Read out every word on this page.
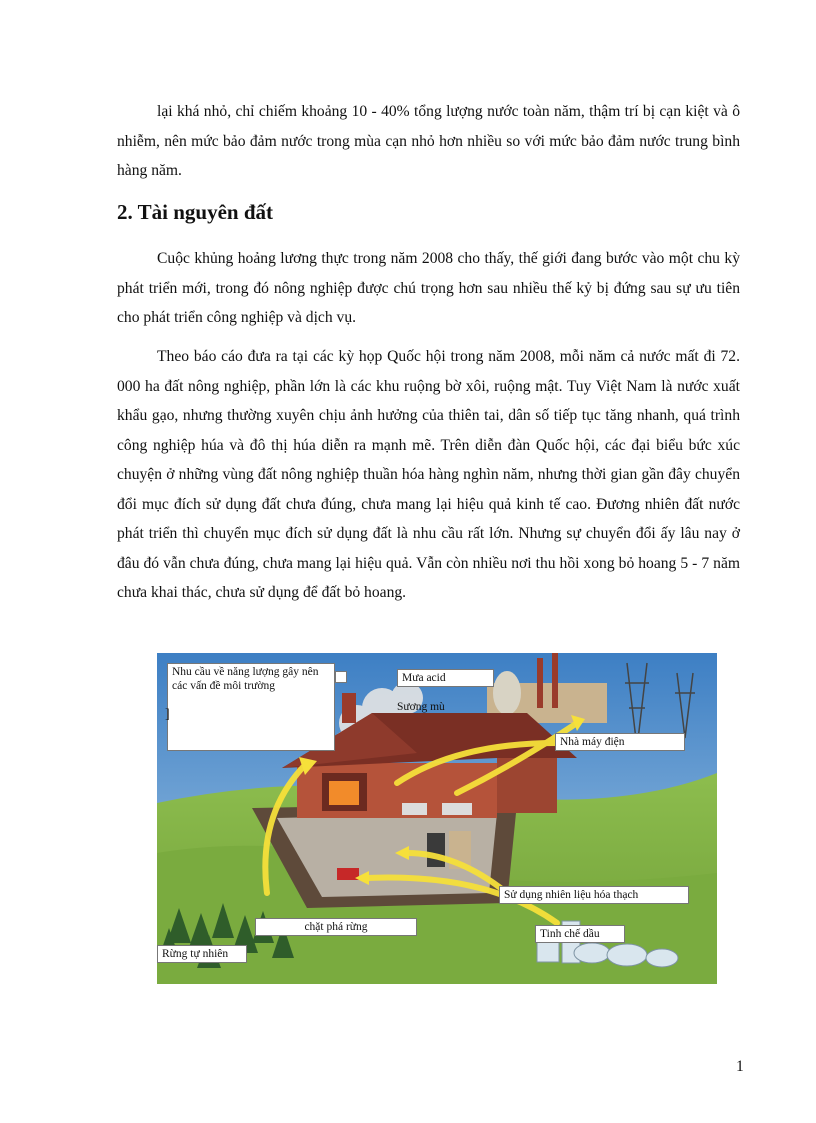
lại khá nhỏ, chỉ chiếm khoảng 10 - 40% tổng lượng nước toàn năm, thậm trí bị cạn kiệt và ô nhiễm, nên mức bảo đảm nước trong mùa cạn nhỏ hơn nhiều so với mức bảo đảm nước trung bình hàng năm.

2. Tài nguyên đất

Cuộc khủng hoảng lương thực trong năm 2008 cho thấy, thế giới đang bước vào một chu kỳ phát triển mới, trong đó nông nghiệp được chú trọng hơn sau nhiều thế kỷ bị đứng sau sự ưu tiên cho phát triển công nghiệp và dịch vụ.

Theo báo cáo đưa ra tại các kỳ họp Quốc hội trong năm 2008, mỗi năm cả nước mất đi 72. 000 ha đất nông nghiệp, phần lớn là các khu ruộng bờ xôi, ruộng mật. Tuy Việt Nam là nước xuất khẩu gạo, nhưng thường xuyên chịu ảnh hưởng của thiên tai, dân số tiếp tục tăng nhanh, quá trình công nghiệp húa và đô thị húa diễn ra mạnh mẽ. Trên diễn đàn Quốc hội, các đại biểu bức xúc chuyện ở những vùng đất nông nghiệp thuần hóa hàng nghìn năm, nhưng thời gian gần đây chuyển đổi mục đích sử dụng đất chưa đúng, chưa mang lại hiệu quả kinh tế cao. Đương nhiên đất nước phát triển thì chuyển mục đích sử dụng đất là nhu cầu rất lớn. Nhưng sự chuyển đổi ấy lâu nay ở đâu đó vẫn chưa đúng, chưa mang lại hiệu quả. Vẫn còn nhiều nơi thu hồi xong bỏ hoang 5 - 7 năm chưa khai thác, chưa sử dụng để đất bỏ hoang.

Nhu cầu về năng lượng gây nên các vấn đề môi trường
]
Mưa acid
Sương mù
Nhà máy điện
Sử dụng nhiên liệu hóa thạch
chặt phá rừng
Rừng tự nhiên
Tinh chế dầu
1
